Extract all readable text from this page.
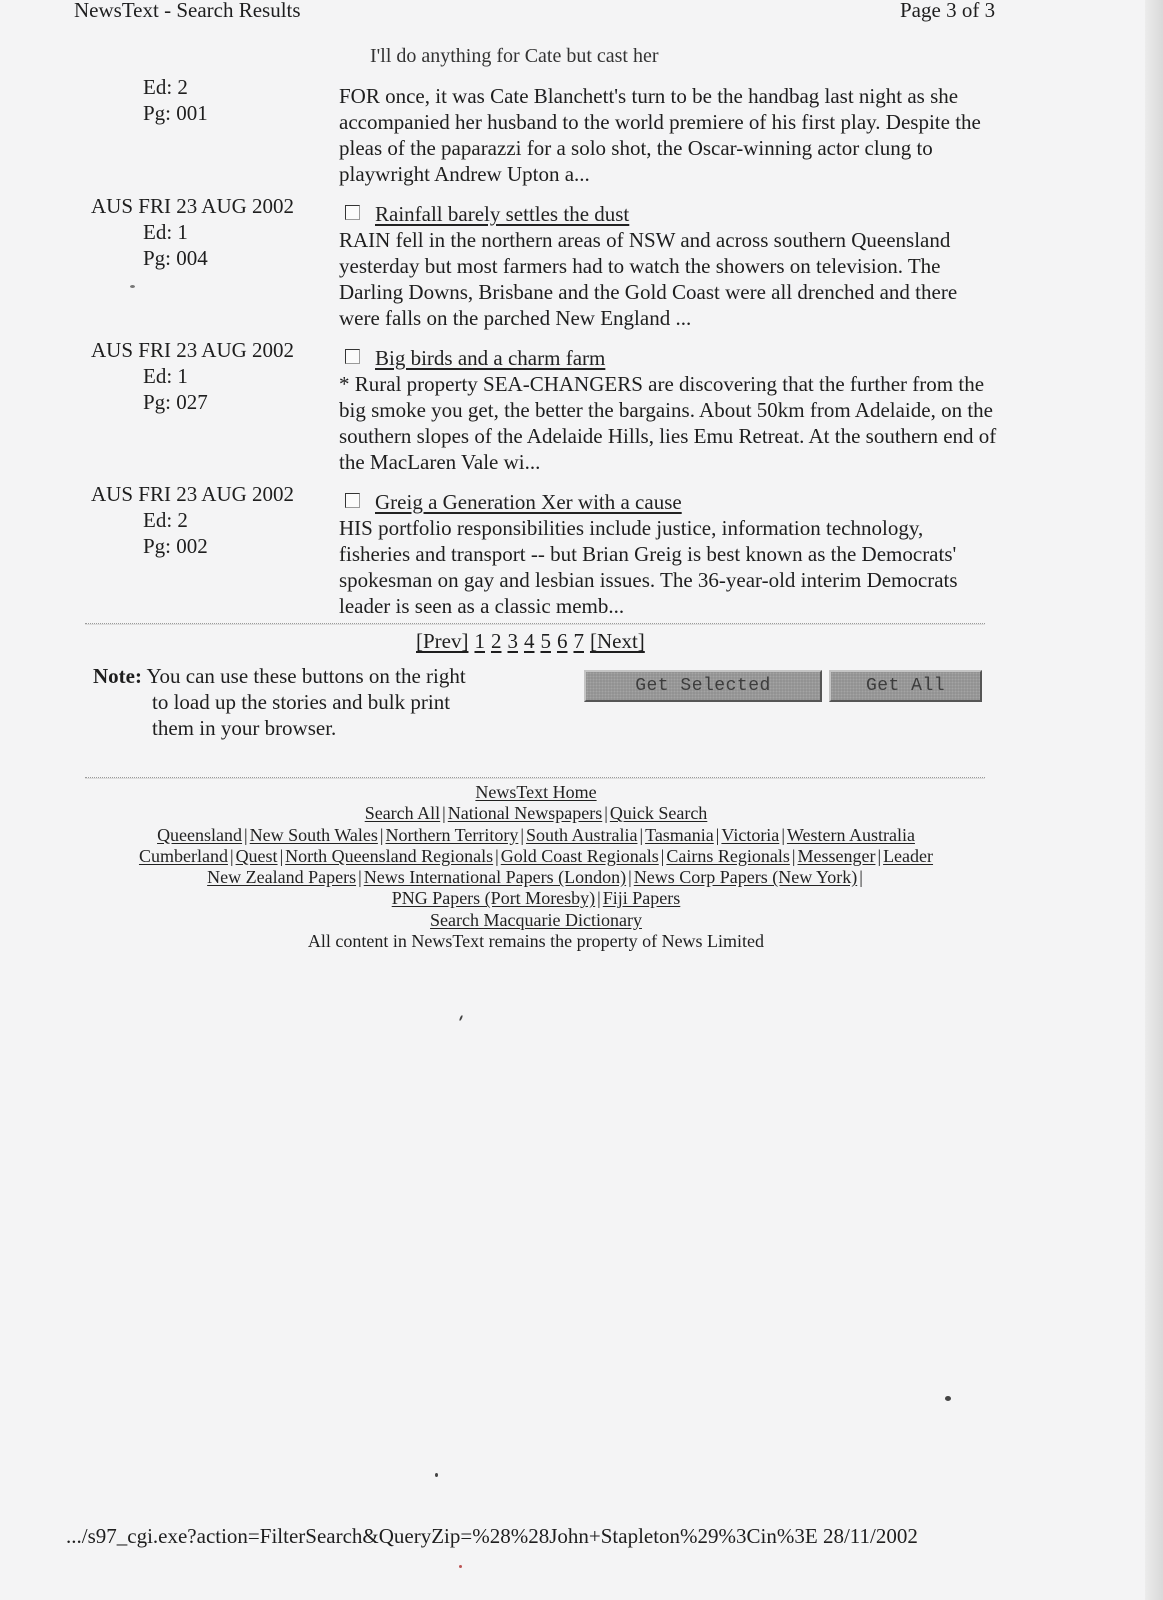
NewsText - Search Results	Page 3 of 3
I'll do anything for Cate but cast her
Ed: 2
Pg: 001

FOR once, it was Cate Blanchett's turn to be the handbag last night as she accompanied her husband to the world premiere of his first play. Despite the pleas of the paparazzi for a solo shot, the Oscar-winning actor clung to playwright Andrew Upton a...

AUS FRI 23 AUG 2002
Ed: 1
Pg: 004
Rainfall barely settles the dust

RAIN fell in the northern areas of NSW and across southern Queensland yesterday but most farmers had to watch the showers on television. The Darling Downs, Brisbane and the Gold Coast were all drenched and there were falls on the parched New England ...

AUS FRI 23 AUG 2002
Ed: 1
Pg: 027
Big birds and a charm farm

* Rural property SEA-CHANGERS are discovering that the further from the big smoke you get, the better the bargains. About 50km from Adelaide, on the southern slopes of the Adelaide Hills, lies Emu Retreat. At the southern end of the MacLaren Vale wi...

AUS FRI 23 AUG 2002
Ed: 2
Pg: 002
Greig a Generation Xer with a cause

HIS portfolio responsibilities include justice, information technology, fisheries and transport -- but Brian Greig is best known as the Democrats' spokesman on gay and lesbian issues. The 36-year-old interim Democrats leader is seen as a classic memb...

[Prev] 1 2 3 4 5 6 7 [Next]
Note: You can use these buttons on the right
to load up the stories and bulk print
them in your browser.
Get Selected	Get All
NewsText Home
Search All | National Newspapers | Quick Search
Queensland | New South Wales | Northern Territory | South Australia | Tasmania | Victoria | Western Australia
Cumberland | Quest | North Queensland Regionals | Gold Coast Regionals | Cairns Regionals | Messenger | Leader
New Zealand Papers | News International Papers (London) | News Corp Papers (New York) |
PNG Papers (Port Moresby) | Fiji Papers
Search Macquarie Dictionary
All content in NewsText remains the property of News Limited
.../s97_cgi.exe?action=FilterSearch&QueryZip=%28%28John+Stapleton%29%3Cin%3E 28/11/2002
